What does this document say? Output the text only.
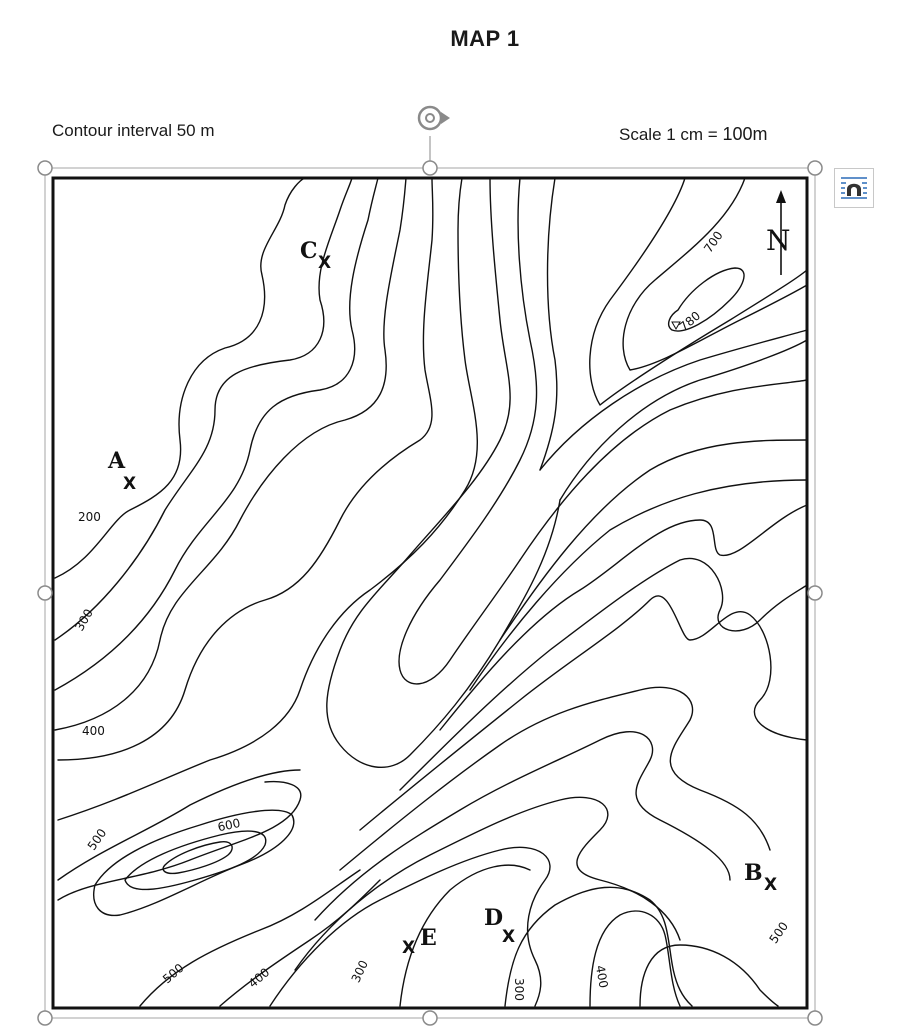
MAP 1
Contour interval 50 m	Scale 1 cm = 100m
200
300
400
500
600
500	400	300
300
400
500
700
780
A
X
B X
C X
D
X
X E
N
